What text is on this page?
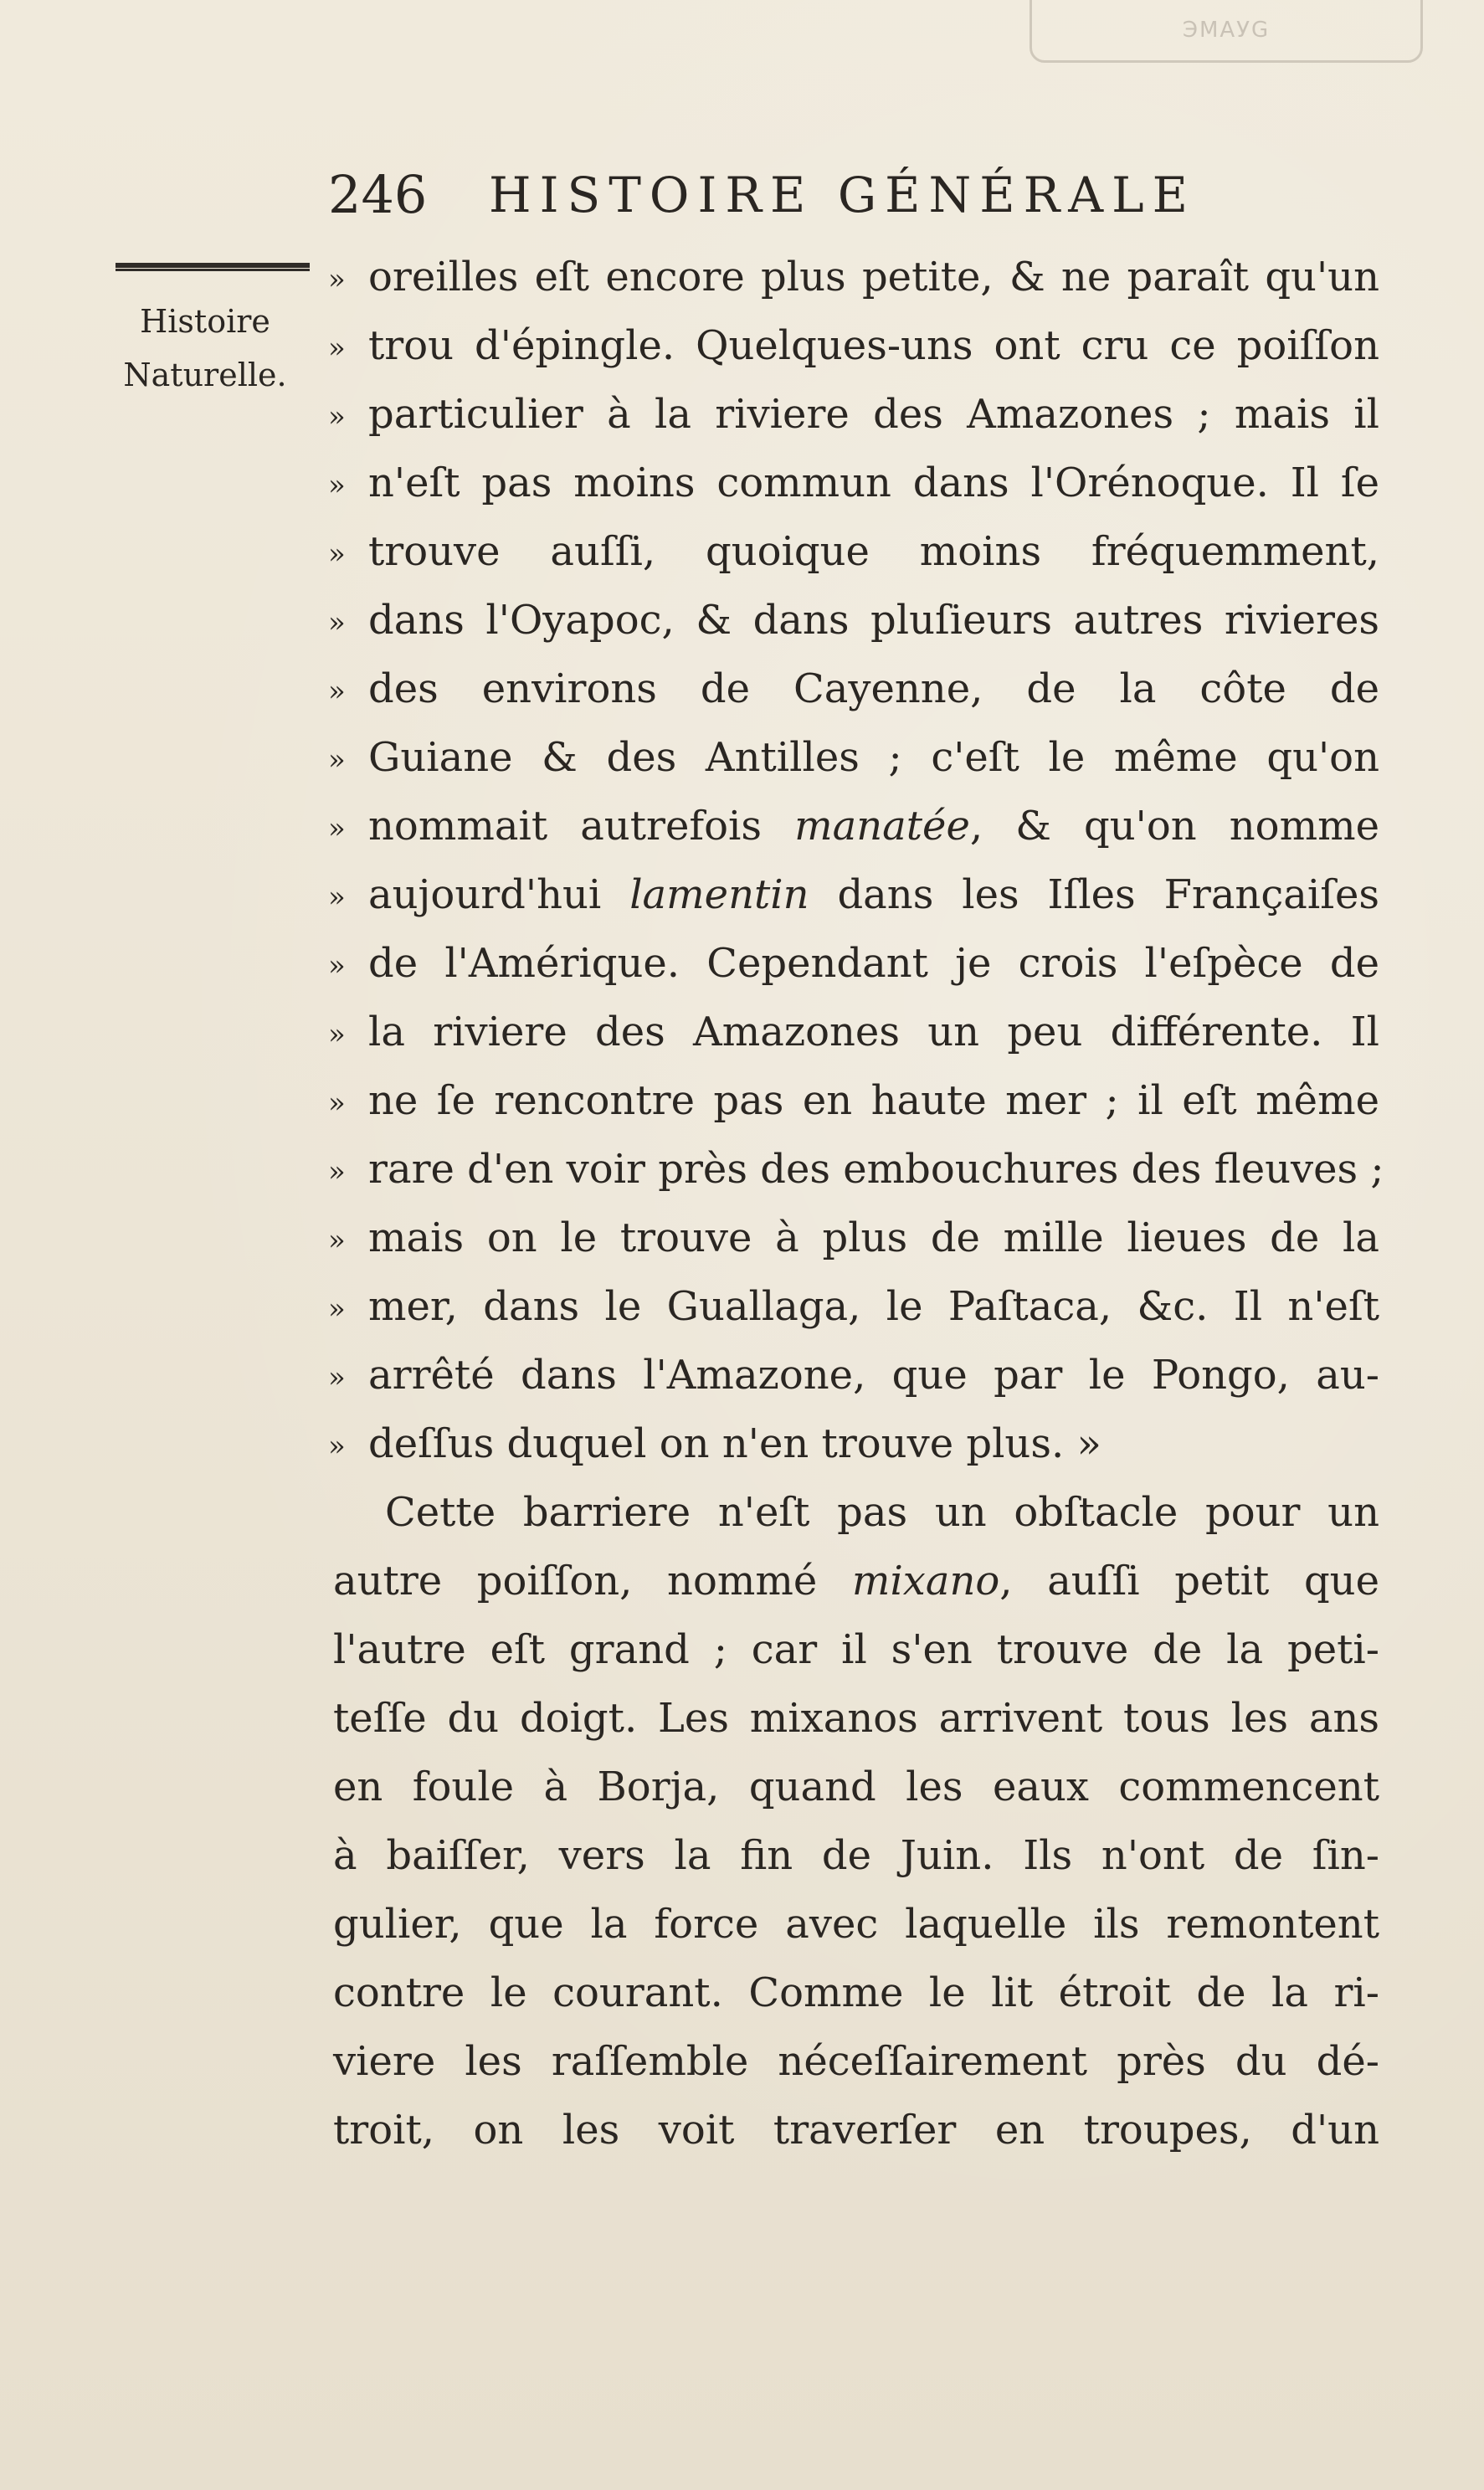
ЭМАУG
246 HISTOIRE GÉNÉRALE
Histoire
Naturelle.
» oreilles eſt encore plus petite, & ne paraît qu'un
» trou d'épingle. Quelques-uns ont cru ce poiſſon
» particulier à la riviere des Amazones ; mais il
» n'eſt pas moins commun dans l'Orénoque. Il ſe
» trouve auſſi, quoique moins fréquemment,
» dans l'Oyapoc, & dans pluſieurs autres rivieres
» des environs de Cayenne, de la côte de
» Guiane & des Antilles ; c'eſt le même qu'on
» nommait autrefois manatée, & qu'on nomme
» aujourd'hui lamentin dans les Iſles Françaiſes
» de l'Amérique. Cependant je crois l'eſpèce de
» la riviere des Amazones un peu différente. Il
» ne ſe rencontre pas en haute mer ; il eſt même
» rare d'en voir près des embouchures des fleuves ;
» mais on le trouve à plus de mille lieues de la
» mer, dans le Guallaga, le Paſtaca, &c. Il n'eſt
» arrêté dans l'Amazone, que par le Pongo, au-
» deſſus duquel on n'en trouve plus. »
Cette barriere n'eſt pas un obſtacle pour un
autre poiſſon, nommé mixano, auſſi petit que
l'autre eſt grand ; car il s'en trouve de la peti-
teſſe du doigt. Les mixanos arrivent tous les ans
en foule à Borja, quand les eaux commencent
à baiſſer, vers la fin de Juin. Ils n'ont de ſin-
gulier, que la force avec laquelle ils remontent
contre le courant. Comme le lit étroit de la ri-
viere les raſſemble néceſſairement près du dé-
troit, on les voit traverſer en troupes, d'un
